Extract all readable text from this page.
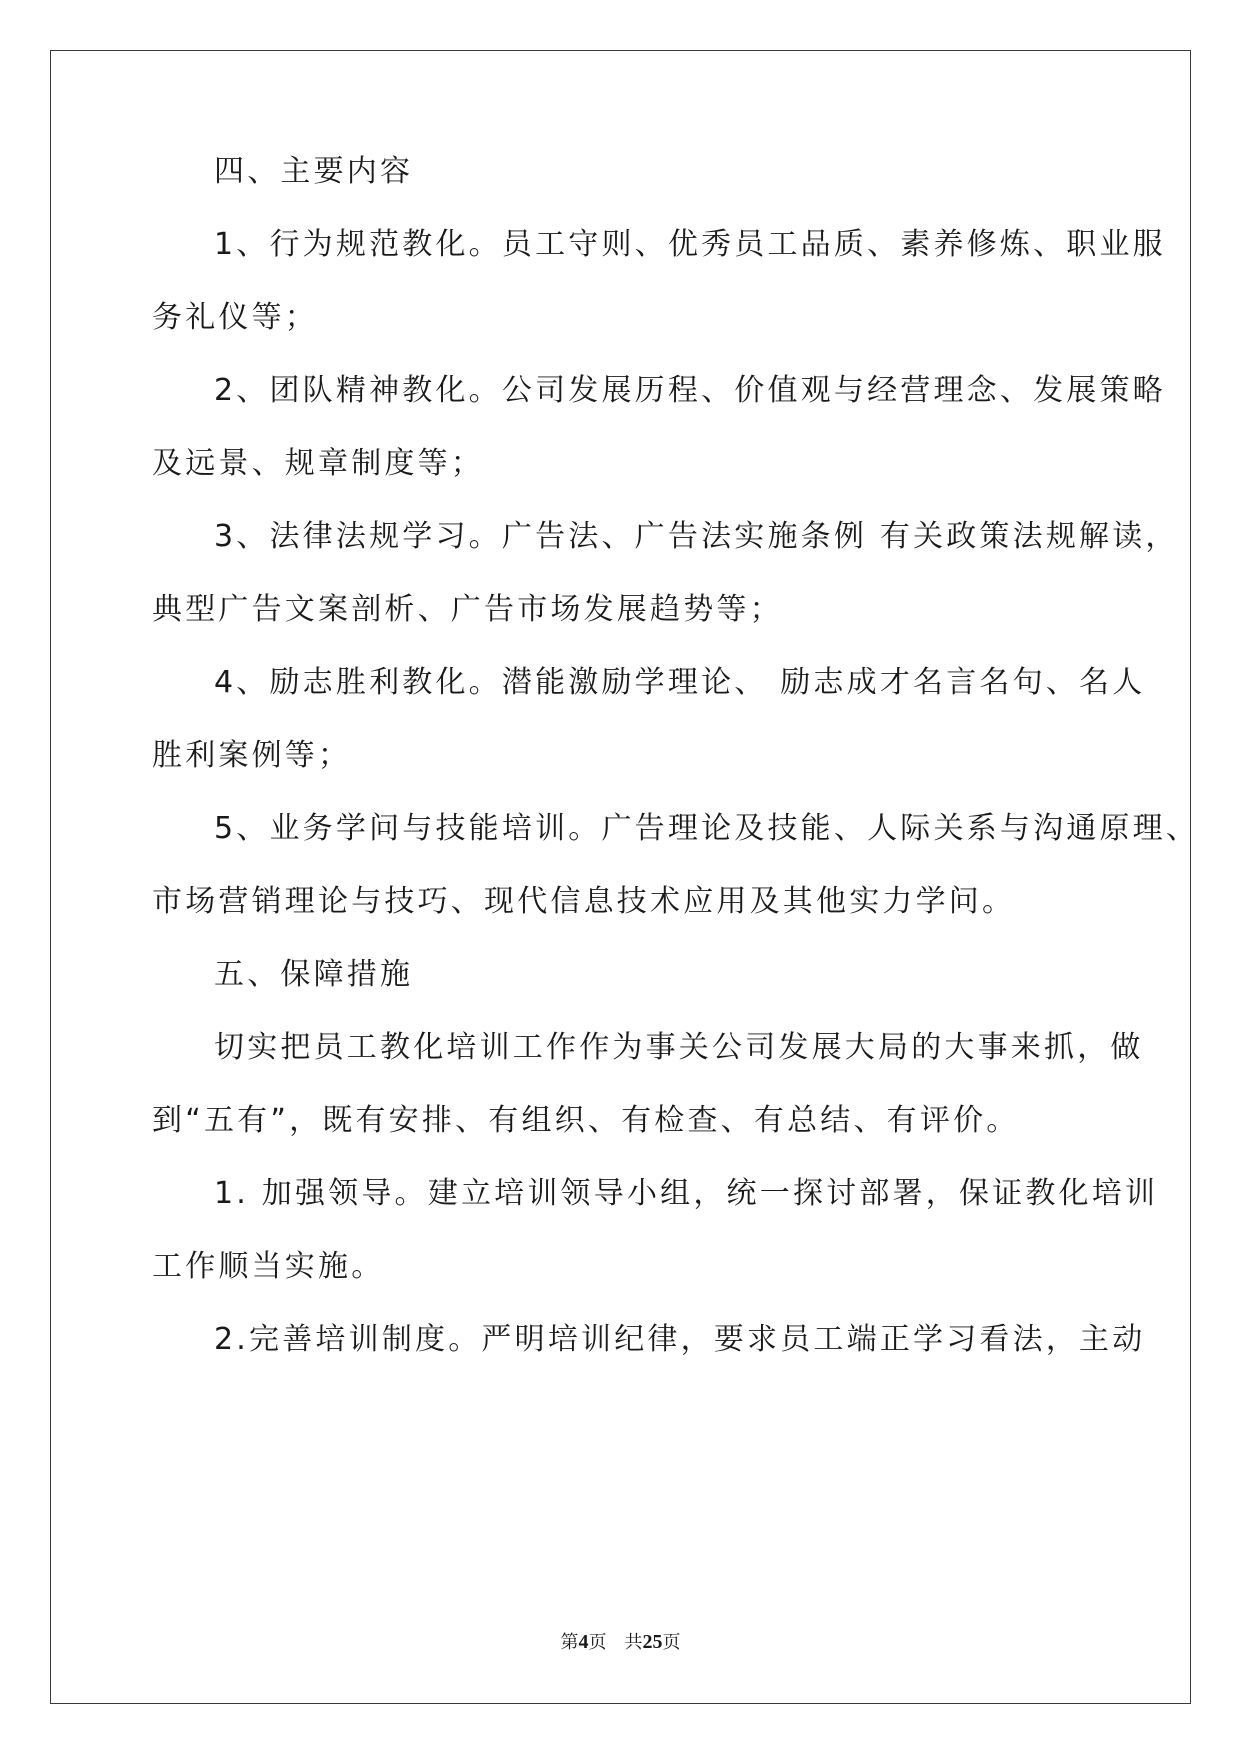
四、主要内容
1、行为规范教化。员工守则、优秀员工品质、素养修炼、职业服
务礼仪等；
2、团队精神教化。公司发展历程、价值观与经营理念、发展策略
及远景、规章制度等；
3、法律法规学习。广告法、广告法实施条例 有关政策法规解读，
典型广告文案剖析、广告市场发展趋势等；
4、励志胜利教化。潜能激励学理论、 励志成才名言名句、名人
胜利案例等；
5、业务学问与技能培训。广告理论及技能、人际关系与沟通原理、
市场营销理论与技巧、现代信息技术应用及其他实力学问。
五、保障措施
切实把员工教化培训工作作为事关公司发展大局的大事来抓，做
到“五有”，既有安排、有组织、有检查、有总结、有评价。
1. 加强领导。建立培训领导小组，统一探讨部署，保证教化培训
工作顺当实施。
2.完善培训制度。严明培训纪律，要求员工端正学习看法，主动
第4页 共25页
